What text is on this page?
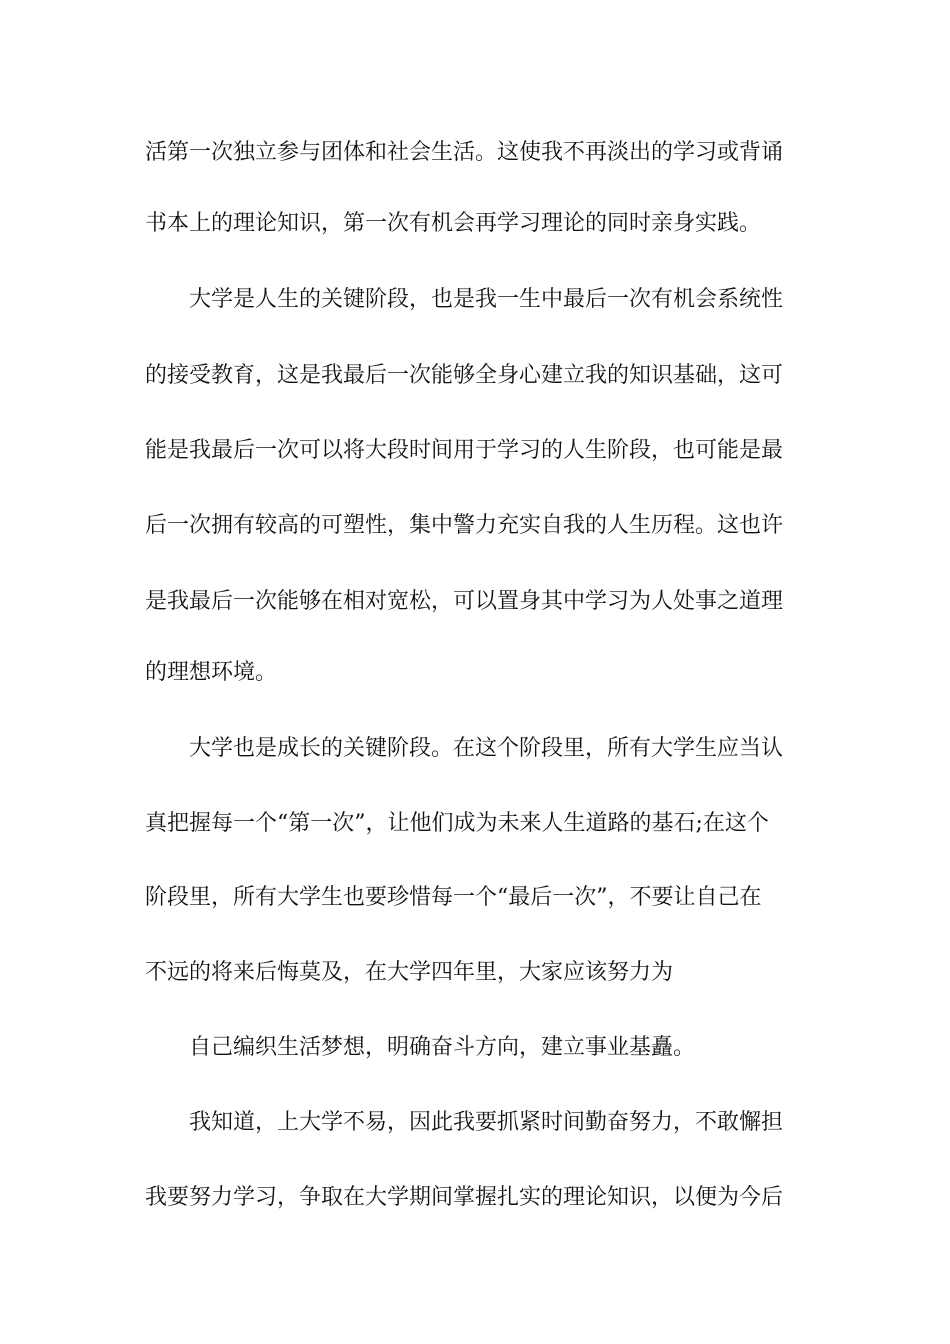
活第一次独立参与团体和社会生活。这使我不再淡出的学习或背诵
书本上的理论知识，第一次有机会再学习理论的同时亲身实践。
大学是人生的关键阶段，也是我一生中最后一次有机会系统性
的接受教育，这是我最后一次能够全身心建立我的知识基础，这可
能是我最后一次可以将大段时间用于学习的人生阶段，也可能是最
后一次拥有较高的可塑性，集中警力充实自我的人生历程。这也许
是我最后一次能够在相对宽松，可以置身其中学习为人处事之道理
的理想环境。
大学也是成长的关键阶段。在这个阶段里，所有大学生应当认
真把握每一个“第一次”，让他们成为未来人生道路的基石;在这个
阶段里，所有大学生也要珍惜每一个“最后一次”，不要让自己在
不远的将来后悔莫及，在大学四年里，大家应该努力为
自己编织生活梦想，明确奋斗方向，建立事业基矗。
我知道，上大学不易，因此我要抓紧时间勤奋努力，不敢懈担
我要努力学习，争取在大学期间掌握扎实的理论知识，以便为今后
